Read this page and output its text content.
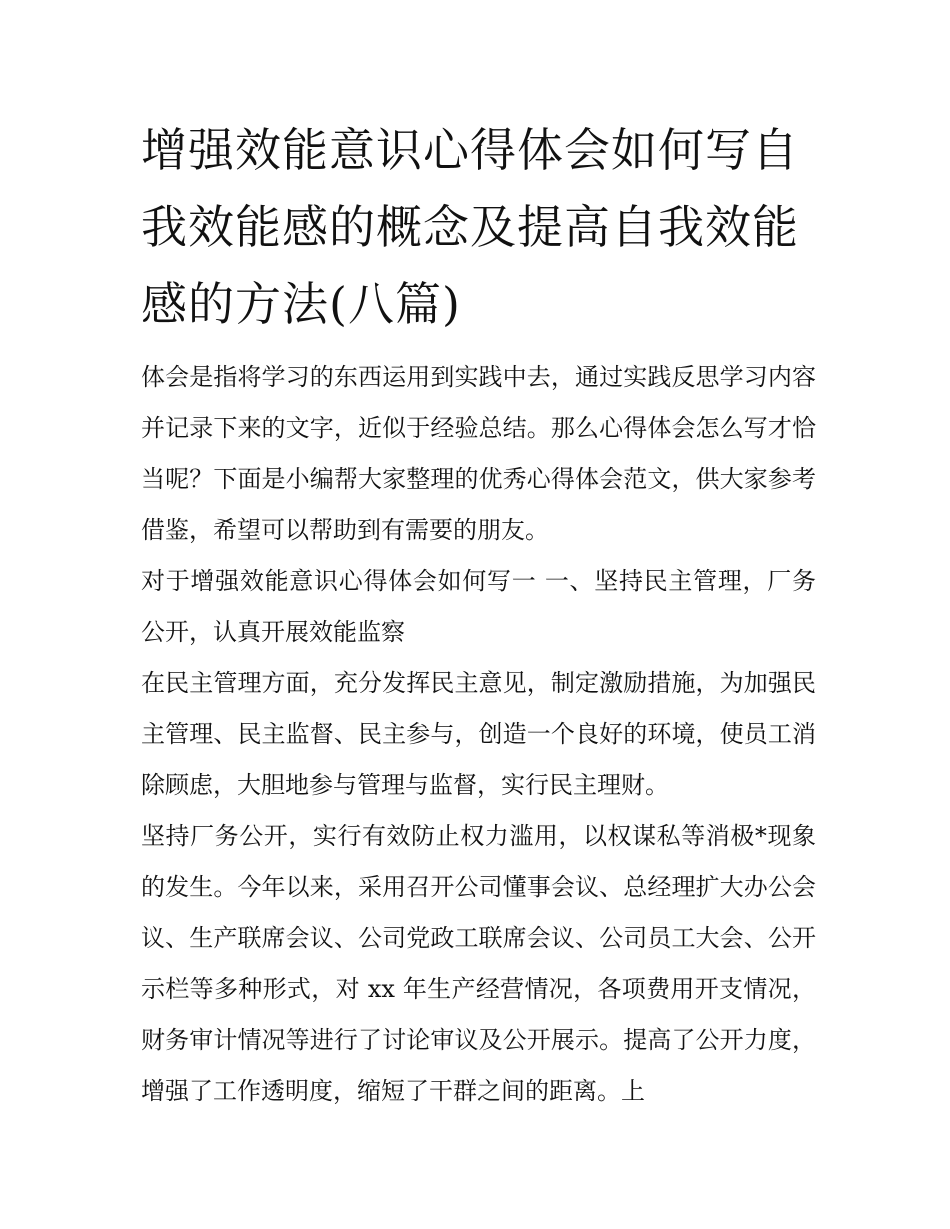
增强效能意识心得体会如何写自我效能感的概念及提高自我效能感的方法(八篇)

体会是指将学习的东西运用到实践中去，通过实践反思学习内容并记录下来的文字，近似于经验总结。那么心得体会怎么写才恰当呢？下面是小编帮大家整理的优秀心得体会范文，供大家参考借鉴，希望可以帮助到有需要的朋友。

对于增强效能意识心得体会如何写一 一、坚持民主管理，厂务公开，认真开展效能监察

在民主管理方面，充分发挥民主意见，制定激励措施，为加强民主管理、民主监督、民主参与，创造一个良好的环境，使员工消除顾虑，大胆地参与管理与监督，实行民主理财。

坚持厂务公开，实行有效防止权力滥用，以权谋私等消极*现象的发生。今年以来，采用召开公司懂事会议、总经理扩大办公会议、生产联席会议、公司党政工联席会议、公司员工大会、公开示栏等多种形式，对 xx 年生产经营情况，各项费用开支情况，财务审计情况等进行了讨论审议及公开展示。提高了公开力度，增强了工作透明度，缩短了干群之间的距离。上
